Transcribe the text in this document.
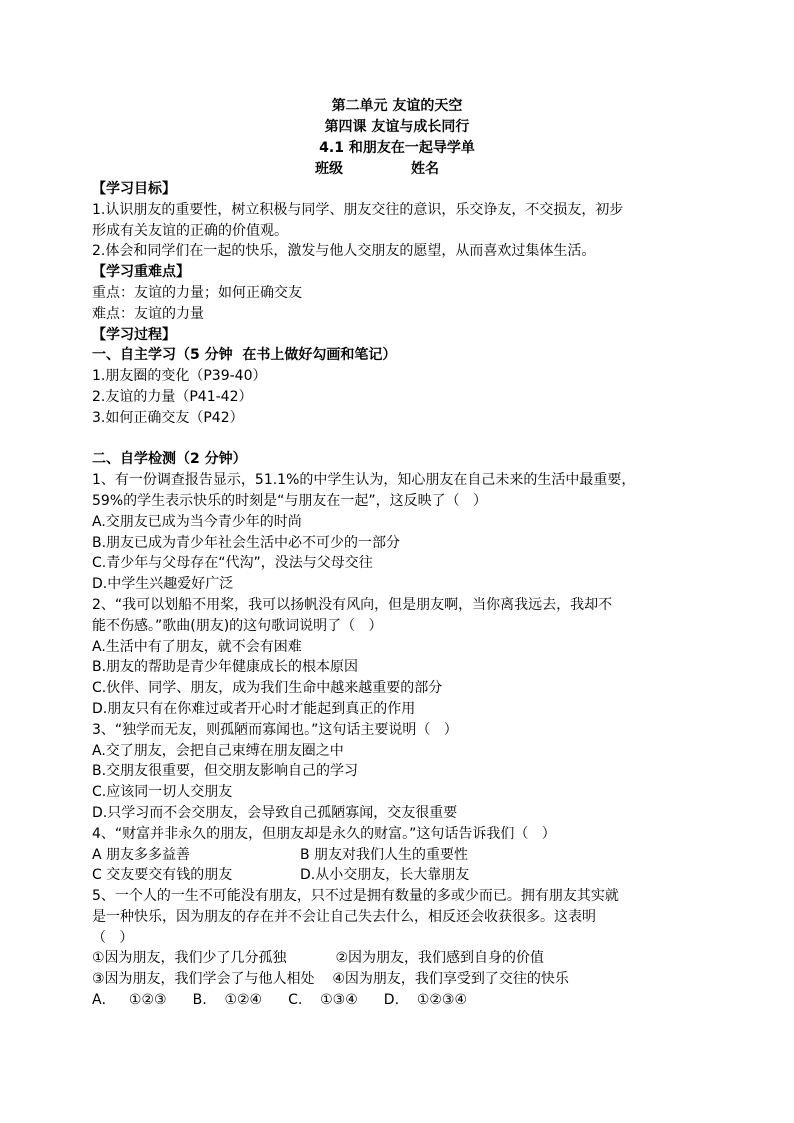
第二单元 友谊的天空
第四课 友谊与成长同行
4.1 和朋友在一起导学单
班级	姓名
【学习目标】
1.认识朋友的重要性，树立积极与同学、朋友交往的意识，乐交诤友，不交损友，初步
形成有关友谊的正确的价值观。
2.体会和同学们在一起的快乐，激发与他人交朋友的愿望，从而喜欢过集体生活。
【学习重难点】
重点：友谊的力量；如何正确交友
难点：友谊的力量
【学习过程】
一、自主学习（5 分钟  在书上做好勾画和笔记）
1.朋友圈的变化（P39-40）
2.友谊的力量（P41-42）
3.如何正确交友（P42）
二、自学检测（2 分钟）
1、有一份调查报告显示，51.1%的中学生认为，知心朋友在自己未来的生活中最重要，
59%的学生表示快乐的时刻是“与朋友在一起”，这反映了（   ）
A.交朋友已成为当今青少年的时尚
B.朋友已成为青少年社会生活中必不可少的一部分
C.青少年与父母存在“代沟”，没法与父母交往
D.中学生兴趣爱好广泛
2、“我可以划船不用桨，我可以扬帆没有风向，但是朋友啊，当你离我远去，我却不
能不伤感。”歌曲(朋友)的这句歌词说明了（   ）
A.生活中有了朋友，就不会有困难
B.朋友的帮助是青少年健康成长的根本原因
C.伙伴、同学、朋友，成为我们生命中越来越重要的部分
D.朋友只有在你难过或者开心时才能起到真正的作用
3、“独学而无友，则孤陋而寡闻也。”这句话主要说明（   ）
A.交了朋友，会把自己束缚在朋友圈之中
B.交朋友很重要，但交朋友影响自己的学习
C.应该同一切人交朋友
D.只学习而不会交朋友，会导致自己孤陋寡闻，交友很重要
4、“财富并非永久的朋友，但朋友却是永久的财富。”这句话告诉我们（   ）
A 朋友多多益善	B 朋友对我们人生的重要性
C 交友要交有钱的朋友	D.从小交朋友，长大靠朋友
5、一个人的一生不可能没有朋友，只不过是拥有数量的多或少而已。拥有朋友其实就
是一种快乐，因为朋友的存在并不会让自己失去什么，相反还会收获很多。这表明
（   ）
①因为朋友，我们少了几分孤独           ②因为朋友，我们感到自身的价值
③因为朋友，我们学会了与他人相处    ④因为朋友，我们享受到了交往的快乐
A．   ①②③ B.    ①②④ C.    ①③④ D.    ①②③④
